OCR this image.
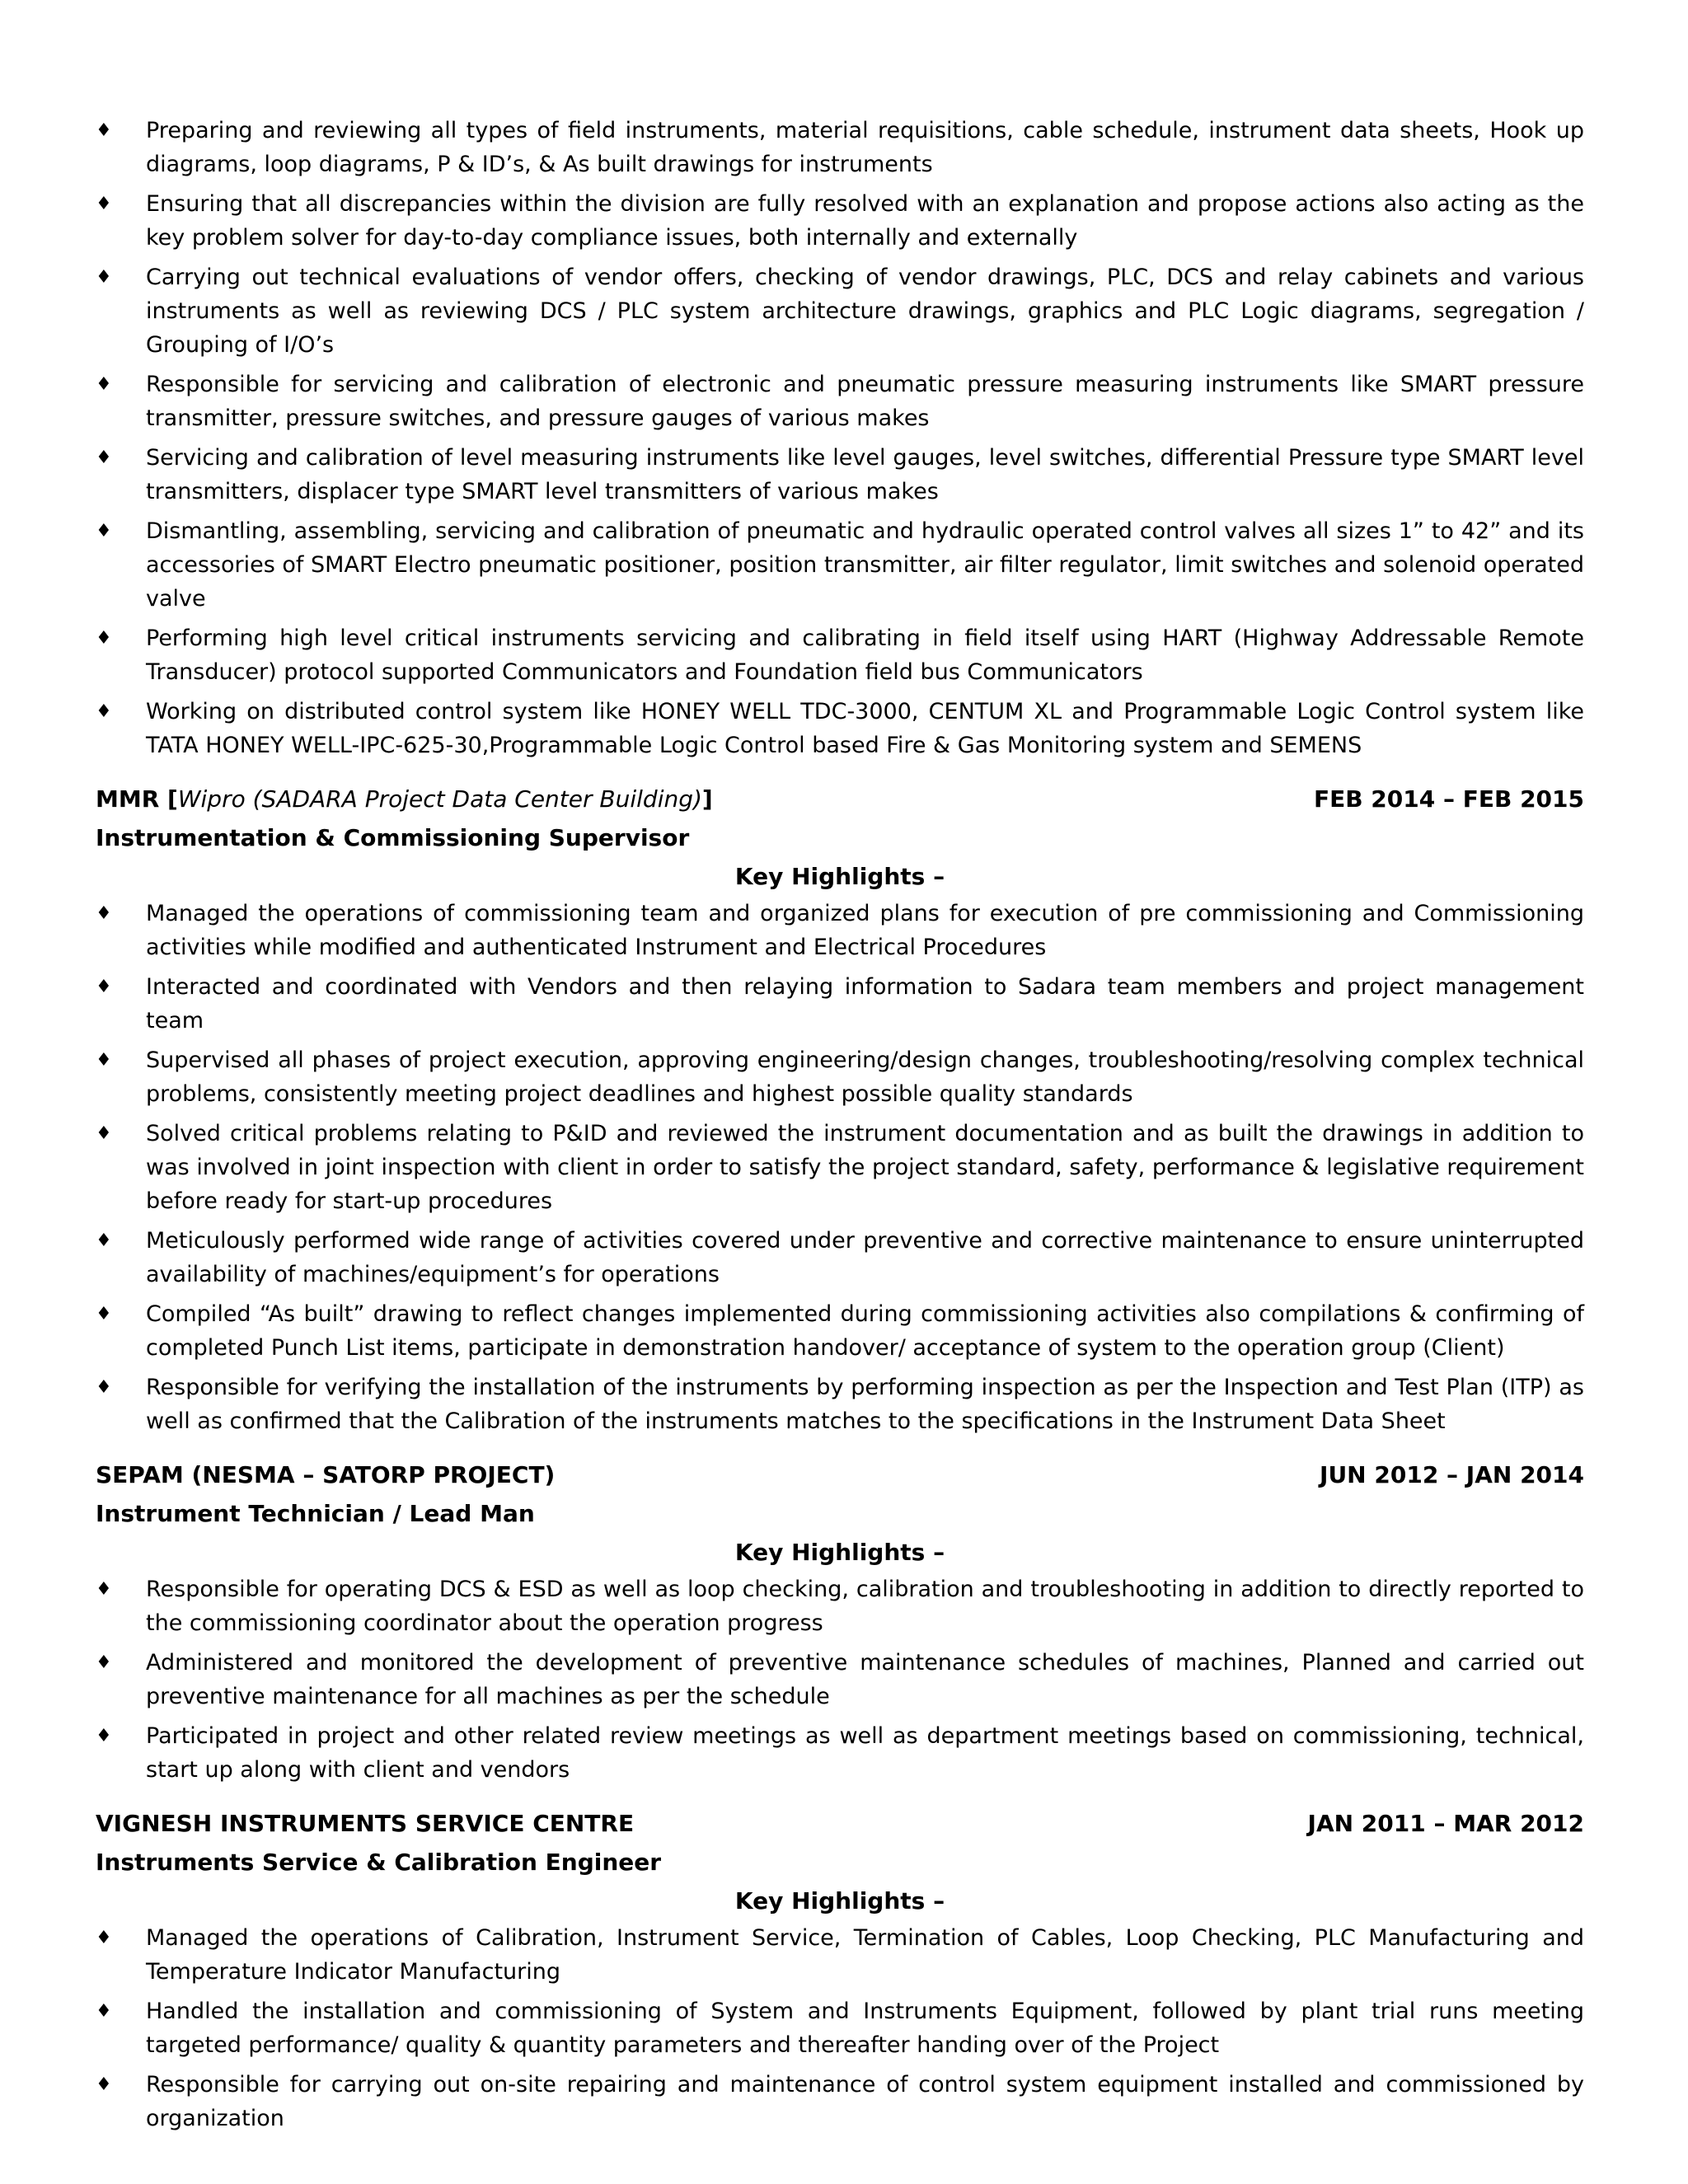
♦ Preparing and reviewing all types of field instruments, material requisitions, cable schedule, instrument data sheets, Hook up diagrams, loop diagrams, P & ID’s, & As built drawings for instruments
♦ Ensuring that all discrepancies within the division are fully resolved with an explanation and propose actions also acting as the key problem solver for day-to-day compliance issues, both internally and externally
♦ Carrying out technical evaluations of vendor offers, checking of vendor drawings, PLC, DCS and relay cabinets and various instruments as well as reviewing DCS / PLC system architecture drawings, graphics and PLC Logic diagrams, segregation / Grouping of I/O’s
♦ Responsible for servicing and calibration of electronic and pneumatic pressure measuring instruments like SMART pressure transmitter, pressure switches, and pressure gauges of various makes
♦ Servicing and calibration of level measuring instruments like level gauges, level switches, differential Pressure type SMART level transmitters, displacer type SMART level transmitters of various makes
♦ Dismantling, assembling, servicing and calibration of pneumatic and hydraulic operated control valves all sizes 1” to 42” and its accessories of SMART Electro pneumatic positioner, position transmitter, air filter regulator, limit switches and solenoid operated valve
♦ Performing high level critical instruments servicing and calibrating in field itself using HART (Highway Addressable Remote Transducer) protocol supported Communicators and Foundation field bus Communicators
♦ Working on distributed control system like HONEY WELL TDC-3000, CENTUM XL and Programmable Logic Control system like TATA HONEY WELL-IPC-625-30,Programmable Logic Control based Fire & Gas Monitoring system and SEMENS
MMR [Wipro (SADARA Project Data Center Building)]	FEB 2014 – FEB 2015
Instrumentation & Commissioning Supervisor
Key Highlights –
♦ Managed the operations of commissioning team and organized plans for execution of pre commissioning and Commissioning activities while modified and authenticated Instrument and Electrical Procedures
♦ Interacted and coordinated with Vendors and then relaying information to Sadara team members and project management team
♦ Supervised all phases of project execution, approving engineering/design changes, troubleshooting/resolving complex technical problems, consistently meeting project deadlines and highest possible quality standards
♦ Solved critical problems relating to P&ID and reviewed the instrument documentation and as built the drawings in addition to was involved in joint inspection with client in order to satisfy the project standard, safety, performance & legislative requirement before ready for start-up procedures
♦ Meticulously performed wide range of activities covered under preventive and corrective maintenance to ensure uninterrupted availability of machines/equipment’s for operations
♦ Compiled “As built” drawing to reflect changes implemented during commissioning activities also compilations & confirming of completed Punch List items, participate in demonstration handover/ acceptance of system to the operation group (Client)
♦ Responsible for verifying the installation of the instruments by performing inspection as per the Inspection and Test Plan (ITP) as well as confirmed that the Calibration of the instruments matches to the specifications in the Instrument Data Sheet
SEPAM (NESMA – SATORP PROJECT)	JUN 2012 – JAN 2014
Instrument Technician / Lead Man
Key Highlights –
♦ Responsible for operating DCS & ESD as well as loop checking, calibration and troubleshooting in addition to directly reported to the commissioning coordinator about the operation progress
♦ Administered and monitored the development of preventive maintenance schedules of machines, Planned and carried out preventive maintenance for all machines as per the schedule
♦ Participated in project and other related review meetings as well as department meetings based on commissioning, technical, start up along with client and vendors
VIGNESH INSTRUMENTS SERVICE CENTRE	JAN 2011 – MAR 2012
Instruments Service & Calibration Engineer
Key Highlights –
♦ Managed the operations of Calibration, Instrument Service, Termination of Cables, Loop Checking, PLC Manufacturing and Temperature Indicator Manufacturing
♦ Handled the installation and commissioning of System and Instruments Equipment, followed by plant trial runs meeting targeted performance/ quality & quantity parameters and thereafter handing over of the Project
♦ Responsible for carrying out on-site repairing and maintenance of control system equipment installed and commissioned by organization
